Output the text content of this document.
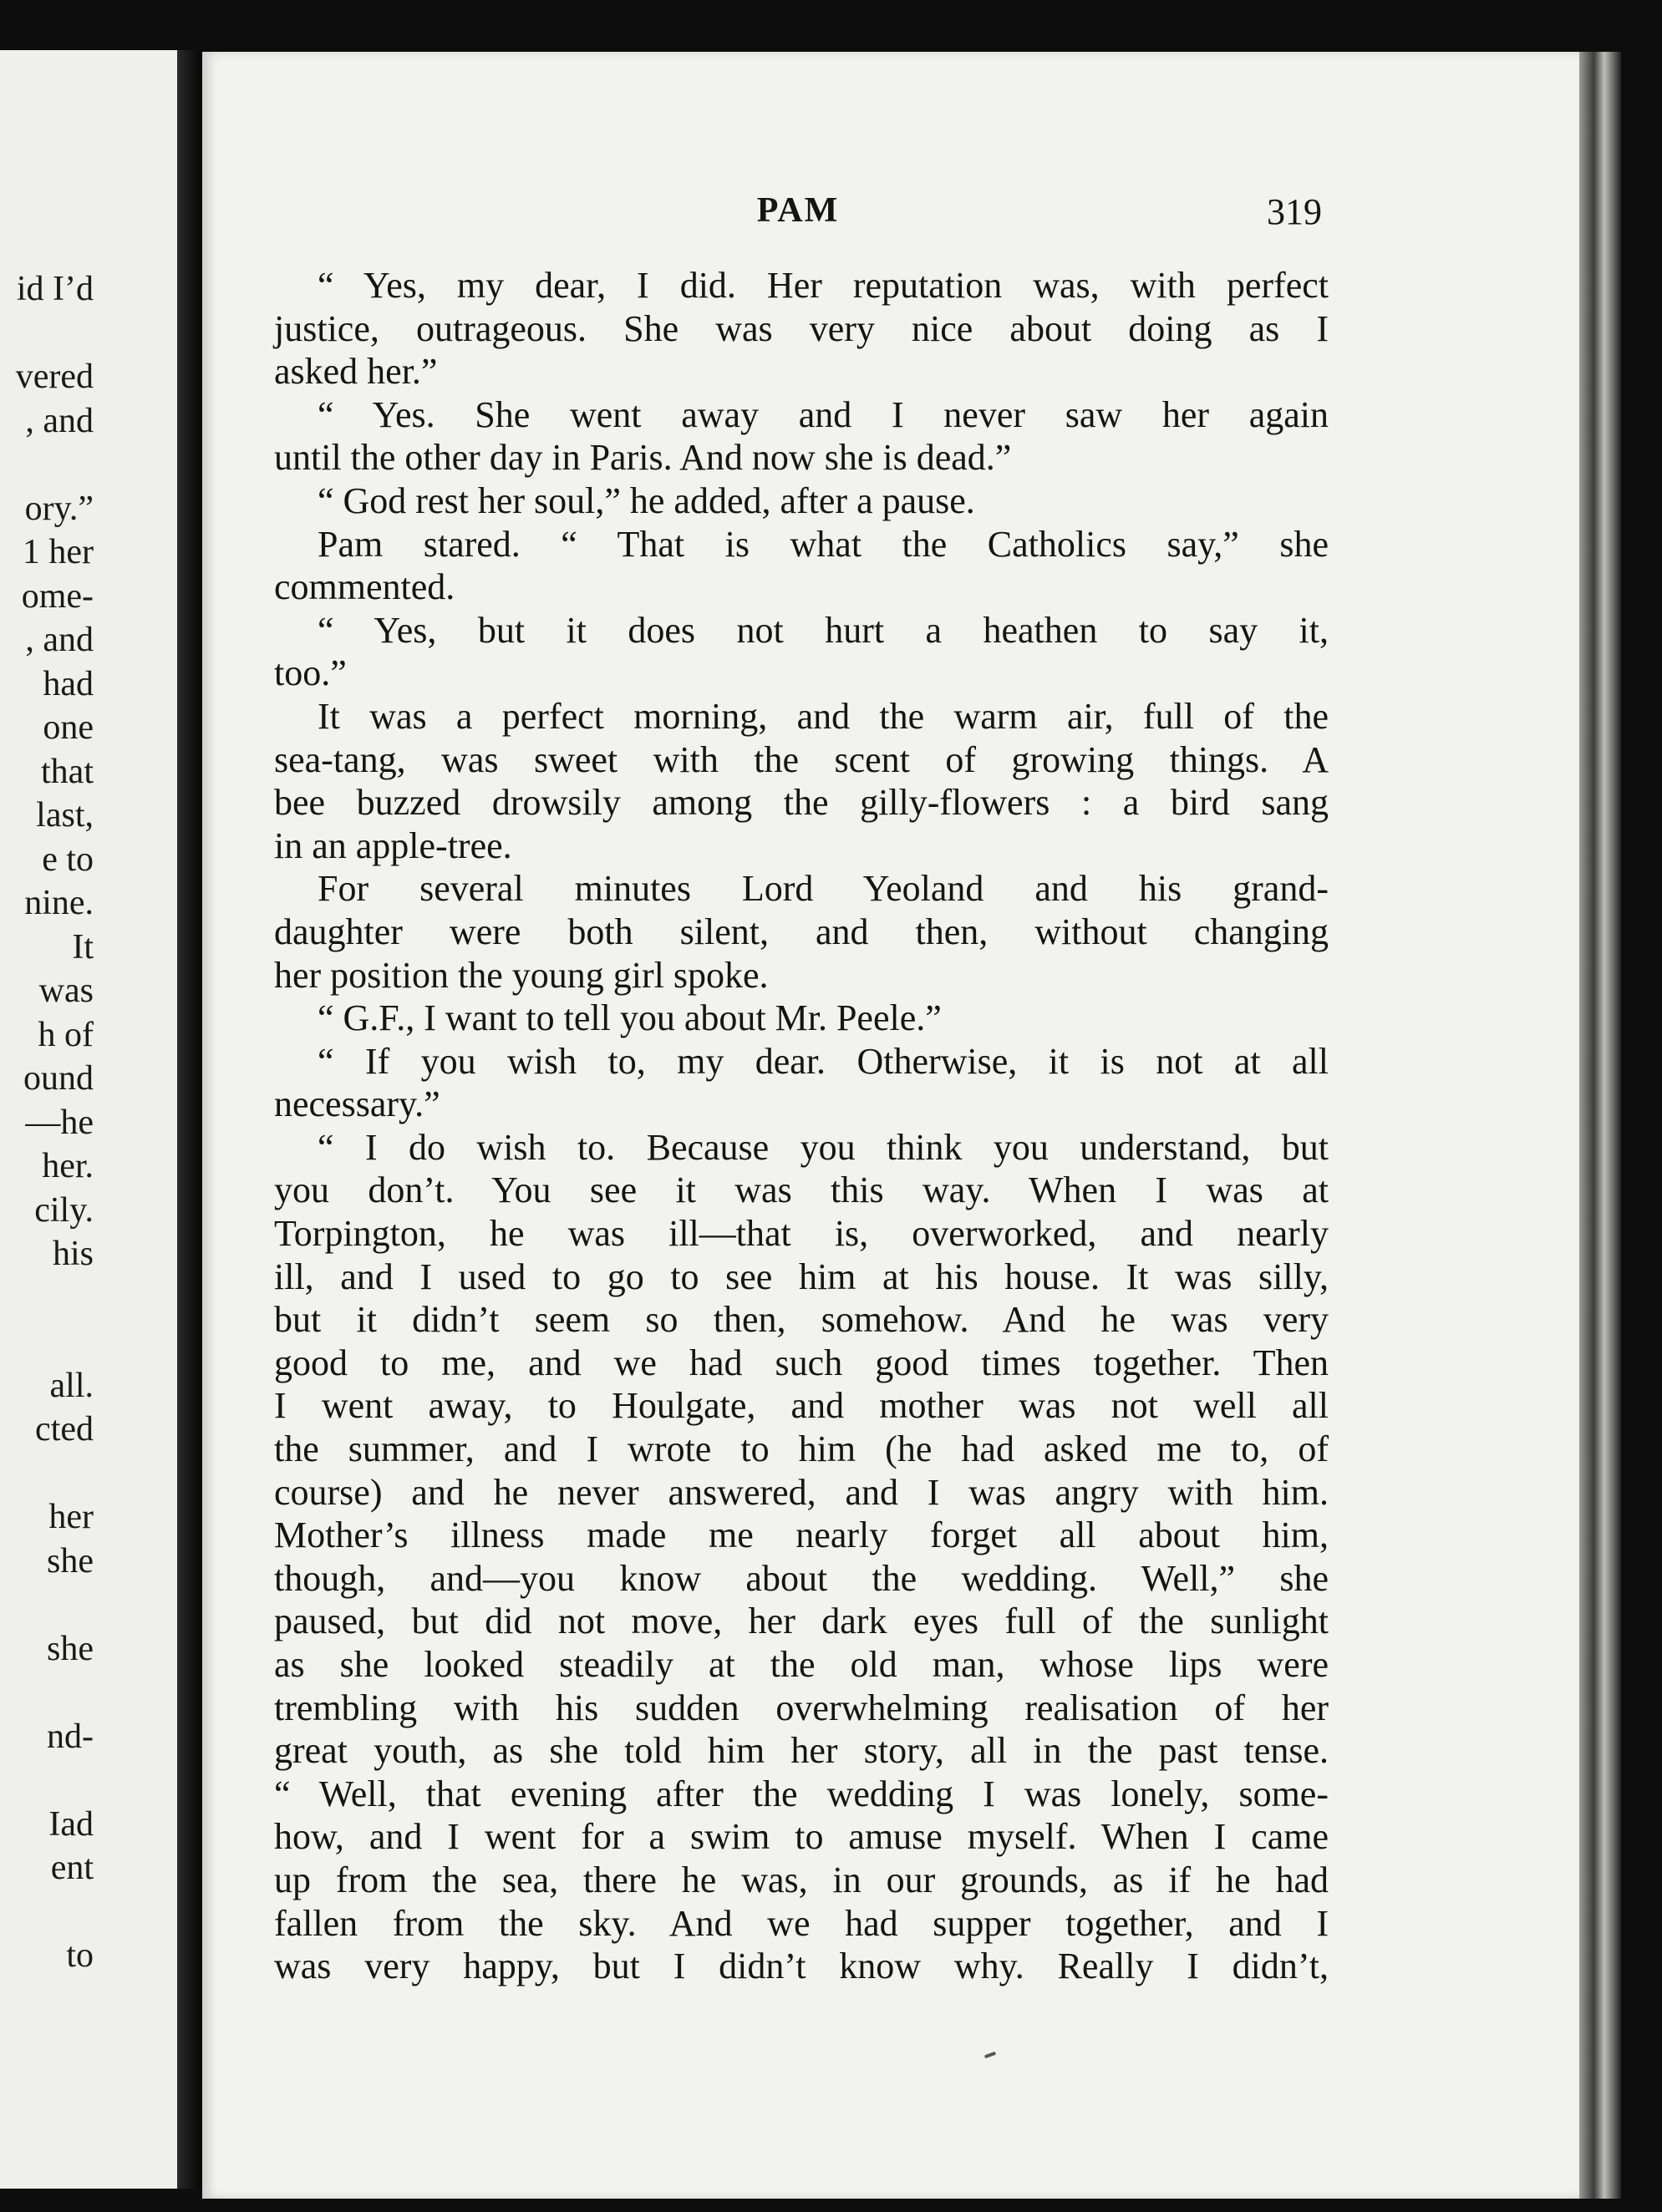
id I’d
vered
, and
ory.”
1 her
ome-
, and
had
one
that
last,
e to
nine.
It
was
h of
ound
—he
her.
cily.
his
all.
cted
her
she
she
nd-
Iad
ent
to
PAM	319
“ Yes, my dear, I did. Her reputation was, with perfect
justice, outrageous. She was very nice about doing as I
asked her.”
“ Yes. She went away and I never saw her again
until the other day in Paris. And now she is dead.”
“ God rest her soul,” he added, after a pause.
Pam stared. “ That is what the Catholics say,” she
commented.
“ Yes, but it does not hurt a heathen to say it,
too.”
It was a perfect morning, and the warm air, full of the
sea-tang, was sweet with the scent of growing things. A
bee buzzed drowsily among the gilly-flowers : a bird sang
in an apple-tree.
For several minutes Lord Yeoland and his grand-
daughter were both silent, and then, without changing
her position the young girl spoke.
“ G.F., I want to tell you about Mr. Peele.”
“ If you wish to, my dear. Otherwise, it is not at all
necessary.”
“ I do wish to. Because you think you understand, but
you don’t. You see it was this way. When I was at
Torpington, he was ill—that is, overworked, and nearly
ill, and I used to go to see him at his house. It was silly,
but it didn’t seem so then, somehow. And he was very
good to me, and we had such good times together. Then
I went away, to Houlgate, and mother was not well all
the summer, and I wrote to him (he had asked me to, of
course) and he never answered, and I was angry with him.
Mother’s illness made me nearly forget all about him,
though, and—you know about the wedding. Well,” she
paused, but did not move, her dark eyes full of the sunlight
as she looked steadily at the old man, whose lips were
trembling with his sudden overwhelming realisation of her
great youth, as she told him her story, all in the past tense.
“ Well, that evening after the wedding I was lonely, some-
how, and I went for a swim to amuse myself. When I came
up from the sea, there he was, in our grounds, as if he had
fallen from the sky. And we had supper together, and I
was very happy, but I didn’t know why. Really I didn’t,
